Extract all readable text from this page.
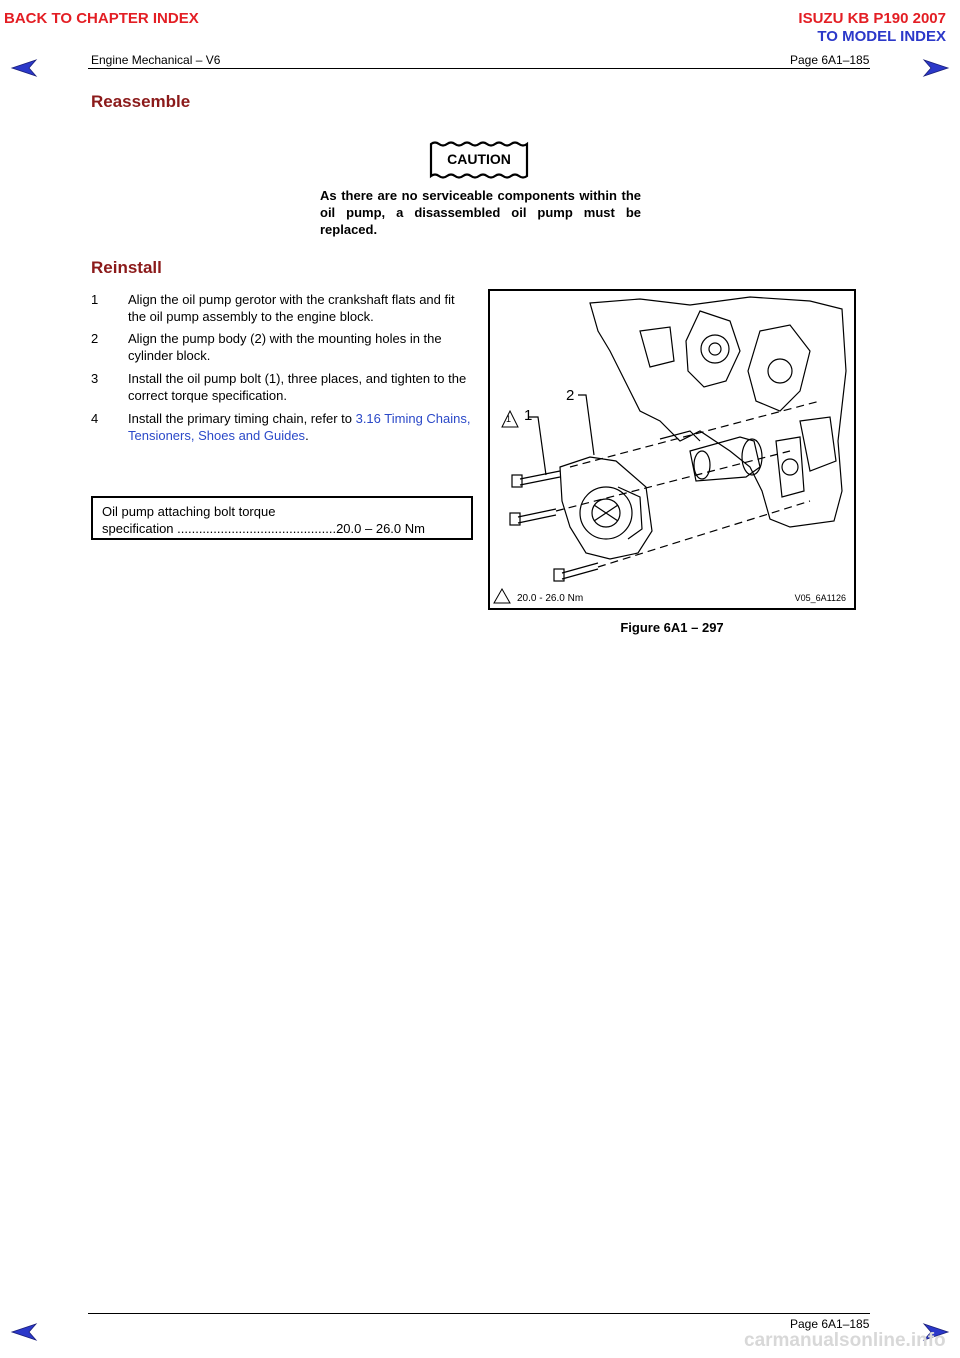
BACK TO CHAPTER INDEX	ISUZU KB P190 2007
TO MODEL INDEX
Engine Mechanical – V6	Page 6A1–185
Reassemble
CAUTION
As there are no serviceable components within the oil pump, a disassembled oil pump must be replaced.
Reinstall
1 Align the oil pump gerotor with the crankshaft flats and fit the oil pump assembly to the engine block.
2 Align the pump body (2) with the mounting holes in the cylinder block.
3 Install the oil pump bolt (1), three places, and tighten to the correct torque specification.
4 Install the primary timing chain, refer to 3.16 Timing Chains, Tensioners, Shoes and Guides.
Oil pump attaching bolt torque
specification ............................................20.0 – 26.0 Nm
1 1
2
20.0 - 26.0 Nm	V05_6A1126
Figure 6A1 – 297
Page 6A1–185
carmanualsonline.info
